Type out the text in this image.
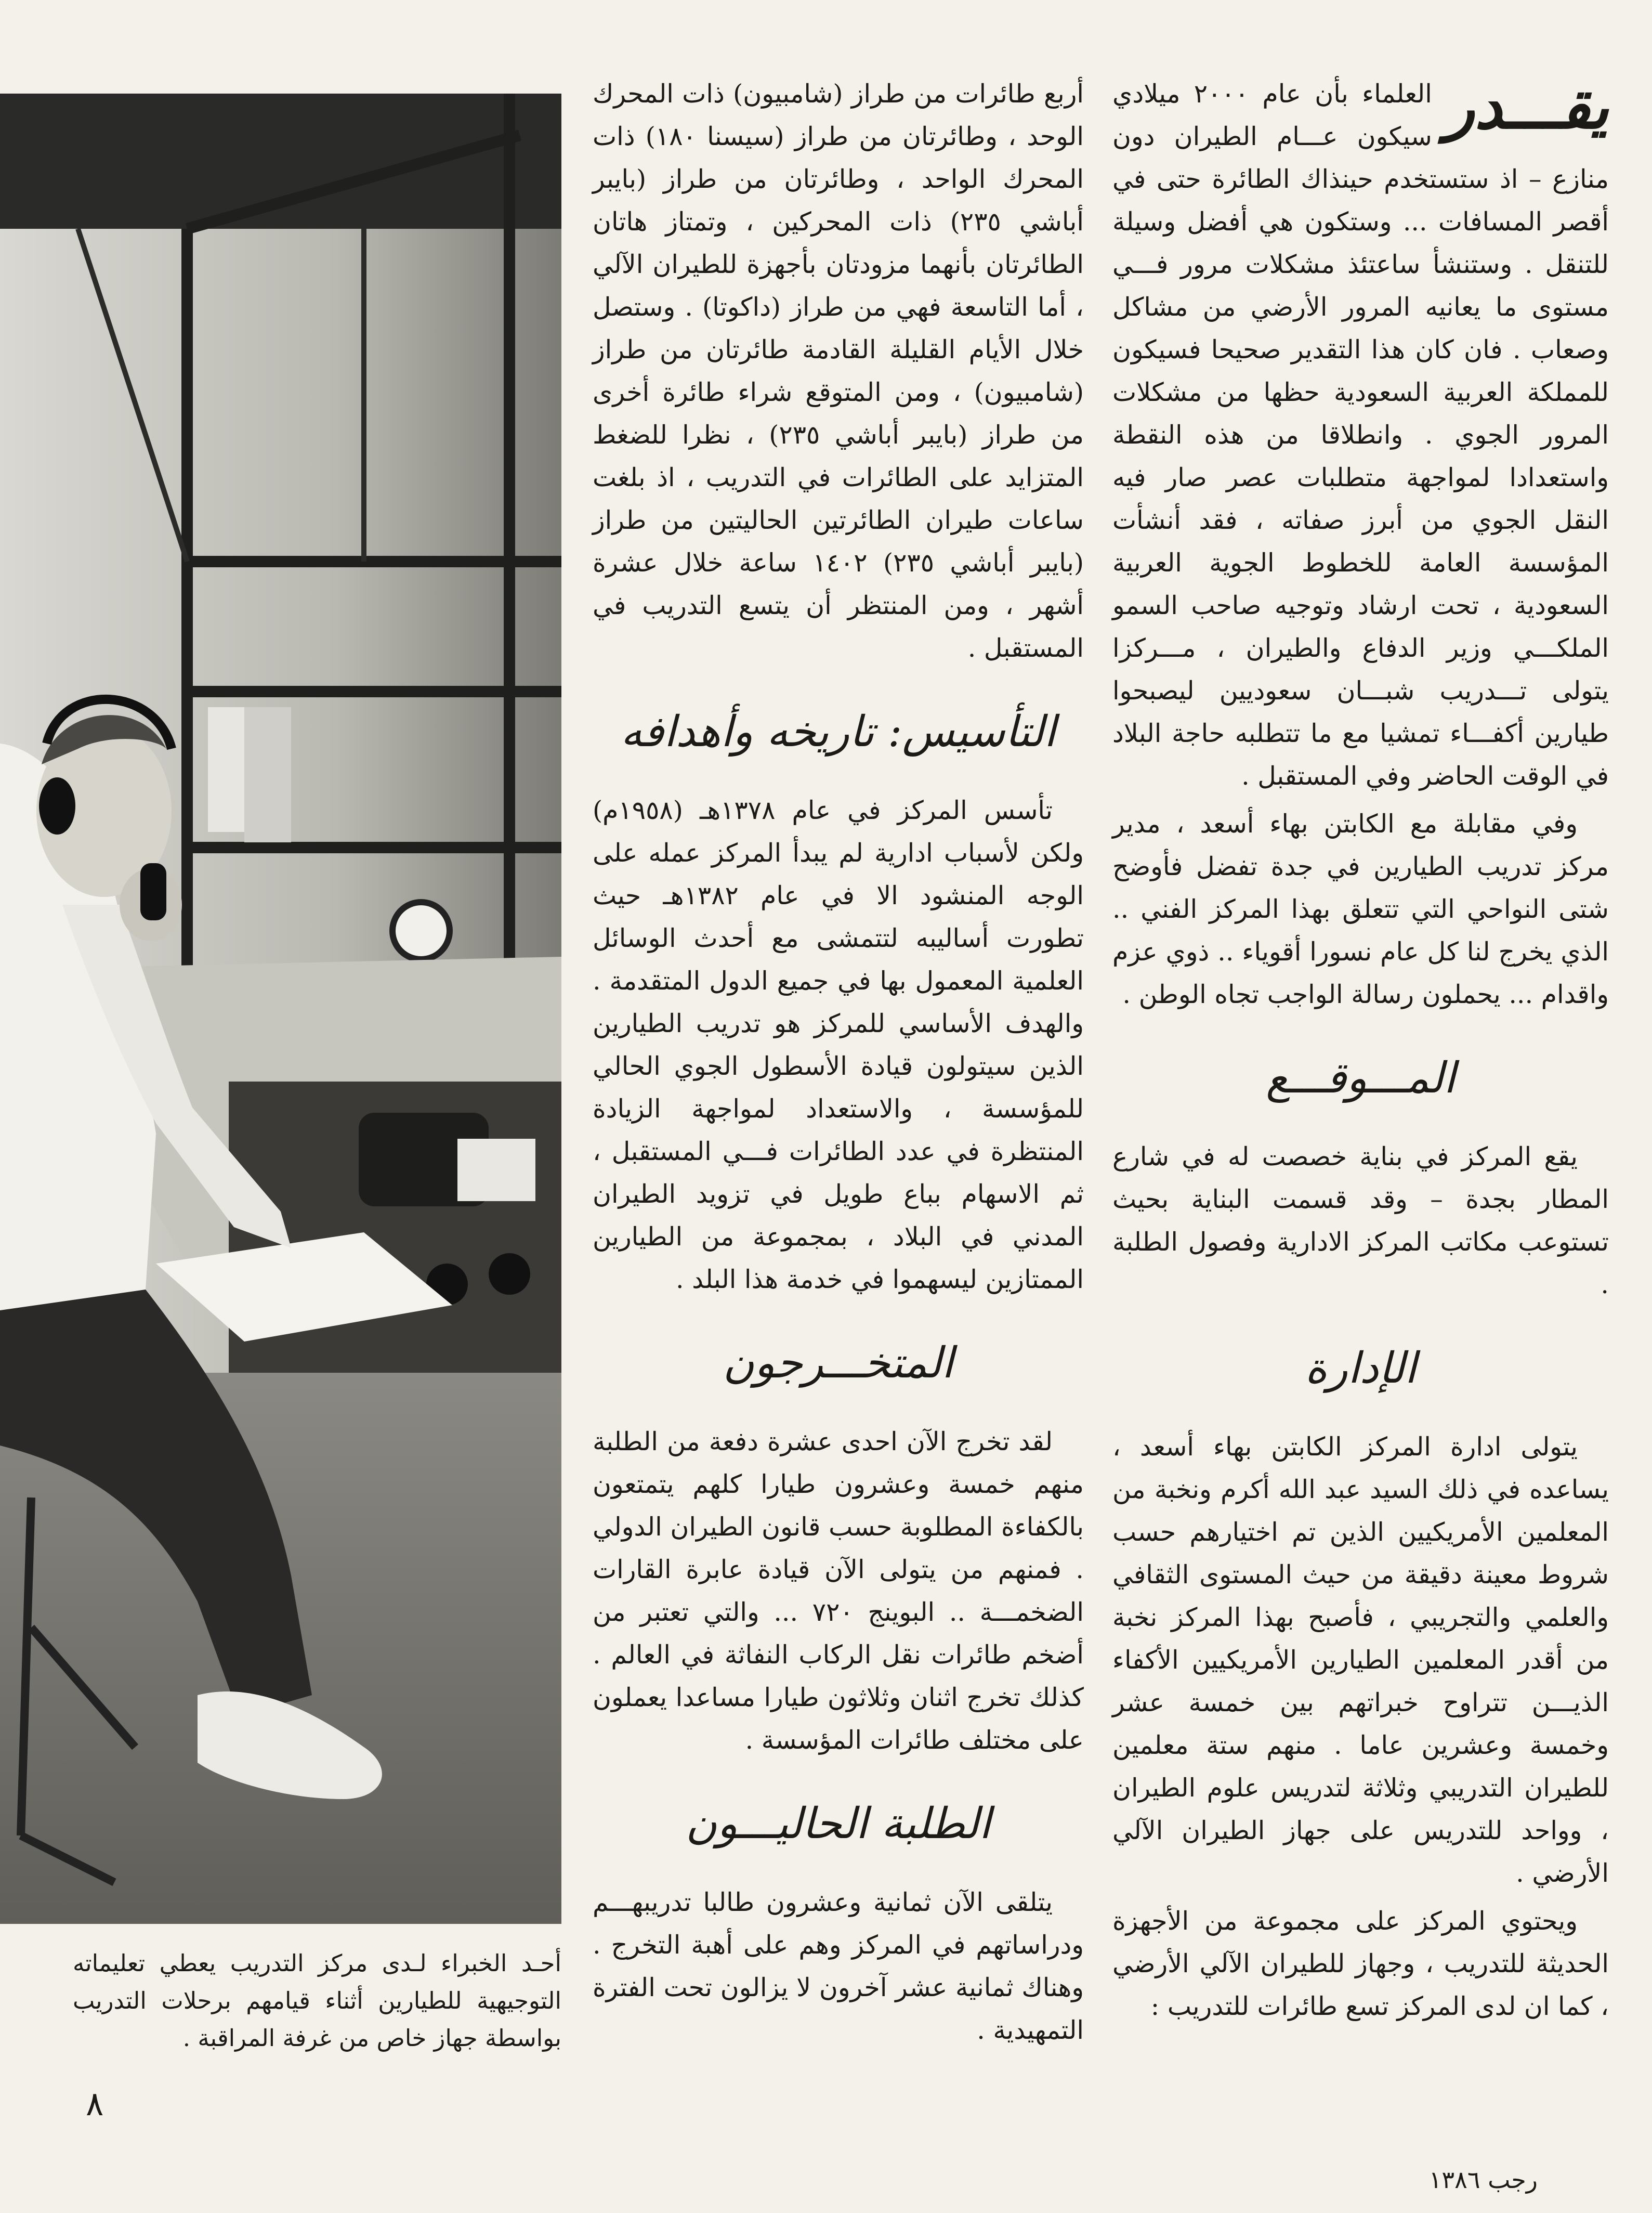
أحـد الخبراء لـدى مركز التدريب يعطي تعليماته التوجيهية للطيارين أثناء قيامهم برحلات التدريب بواسطة جهاز خاص من غرفة المراقبة .
٨
رجب ١٣٨٦

يقـــدر
العلماء بأن عام ٢٠٠٠ ميلادي سيكون عـــام الطيران دون منازع – اذ ستستخدم حينذاك الطائرة حتى في أقصر المسافات ... وستكون هي أفضل وسيلة للتنقل . وستنشأ ساعتئذ مشكلات مرور فـــي مستوى ما يعانيه المرور الأرضي من مشاكل وصعاب . فان كان هذا التقدير صحيحا فسيكون للمملكة العربية السعودية حظها من مشكلات المرور الجوي . وانطلاقا من هذه النقطة واستعدادا لمواجهة متطلبات عصر صار فيه النقل الجوي من أبرز صفاته ، فقد أنشأت المؤسسة العامة للخطوط الجوية العربية السعودية ، تحت ارشاد وتوجيه صاحب السمو الملكـــي وزير الدفاع والطيران ، مـــركزا يتولى تـــدريب شبـــان سعوديين ليصبحوا طيارين أكفـــاء تمشيا مع ما تتطلبه حاجة البلاد في الوقت الحاضر وفي المستقبل .

وفي مقابلة مع الكابتن بهاء أسعد ، مدير مركز تدريب الطيارين في جدة تفضل فأوضح شتى النواحي التي تتعلق بهذا المركز الفني .. الذي يخرج لنا كل عام نسورا أقوياء .. ذوي عزم واقدام ... يحملون رسالة الواجب تجاه الوطن .

المـــوقـــع

يقع المركز في بناية خصصت له في شارع المطار بجدة – وقد قسمت البناية بحيث تستوعب مكاتب المركز الادارية وفصول الطلبة .

الإدارة

يتولى ادارة المركز الكابتن بهاء أسعد ، يساعده في ذلك السيد عبد الله أكرم ونخبة من المعلمين الأمريكيين الذين تم اختيارهم حسب شروط معينة دقيقة من حيث المستوى الثقافي والعلمي والتجريبي ، فأصبح بهذا المركز نخبة من أقدر المعلمين الطيارين الأمريكيين الأكفاء الذيـــن تتراوح خبراتهم بين خمسة عشر وخمسة وعشرين عاما . منهم ستة معلمين للطيران التدريبي وثلاثة لتدريس علوم الطيران ، وواحد للتدريس على جهاز الطيران الآلي الأرضي .

ويحتوي المركز على مجموعة من الأجهزة الحديثة للتدريب ، وجهاز للطيران الآلي الأرضي ، كما ان لدى المركز تسع طائرات للتدريب :

أربع طائرات من طراز (شامبيون) ذات المحرك الوحد ، وطائرتان من طراز (سيسنا ١٨٠) ذات المحرك الواحد ، وطائرتان من طراز (بايبر أباشي ٢٣٥) ذات المحركين ، وتمتاز هاتان الطائرتان بأنهما مزودتان بأجهزة للطيران الآلي ، أما التاسعة فهي من طراز (داكوتا) . وستصل خلال الأيام القليلة القادمة طائرتان من طراز (شامبيون) ، ومن المتوقع شراء طائرة أخرى من طراز (بايبر أباشي ٢٣٥) ، نظرا للضغط المتزايد على الطائرات في التدريب ، اذ بلغت ساعات طيران الطائرتين الحاليتين من طراز (بايبر أباشي ٢٣٥) ١٤٠٢ ساعة خلال عشرة أشهر ، ومن المنتظر أن يتسع التدريب في المستقبل .

التأسيس: تاريخه وأهدافه

تأسس المركز في عام ١٣٧٨هـ (١٩٥٨م) ولكن لأسباب ادارية لم يبدأ المركز عمله على الوجه المنشود الا في عام ١٣٨٢هـ حيث تطورت أساليبه لتتمشى مع أحدث الوسائل العلمية المعمول بها في جميع الدول المتقدمة . والهدف الأساسي للمركز هو تدريب الطيارين الذين سيتولون قيادة الأسطول الجوي الحالي للمؤسسة ، والاستعداد لمواجهة الزيادة المنتظرة في عدد الطائرات فـــي المستقبل ، ثم الاسهام بباع طويل في تزويد الطيران المدني في البلاد ، بمجموعة من الطيارين الممتازين ليسهموا في خدمة هذا البلد .

المتخـــرجون

لقد تخرج الآن احدى عشرة دفعة من الطلبة منهم خمسة وعشرون طيارا كلهم يتمتعون بالكفاءة المطلوبة حسب قانون الطيران الدولي . فمنهم من يتولى الآن قيادة عابرة القارات الضخمـــة .. البوينج ٧٢٠ ... والتي تعتبر من أضخم طائرات نقل الركاب النفاثة في العالم . كذلك تخرج اثنان وثلاثون طيارا مساعدا يعملون على مختلف طائرات المؤسسة .

الطلبة الحاليـــون

يتلقى الآن ثمانية وعشرون طالبا تدريبهـــم ودراساتهم في المركز وهم على أهبة التخرج . وهناك ثمانية عشر آخرون لا يزالون تحت الفترة التمهيدية .
